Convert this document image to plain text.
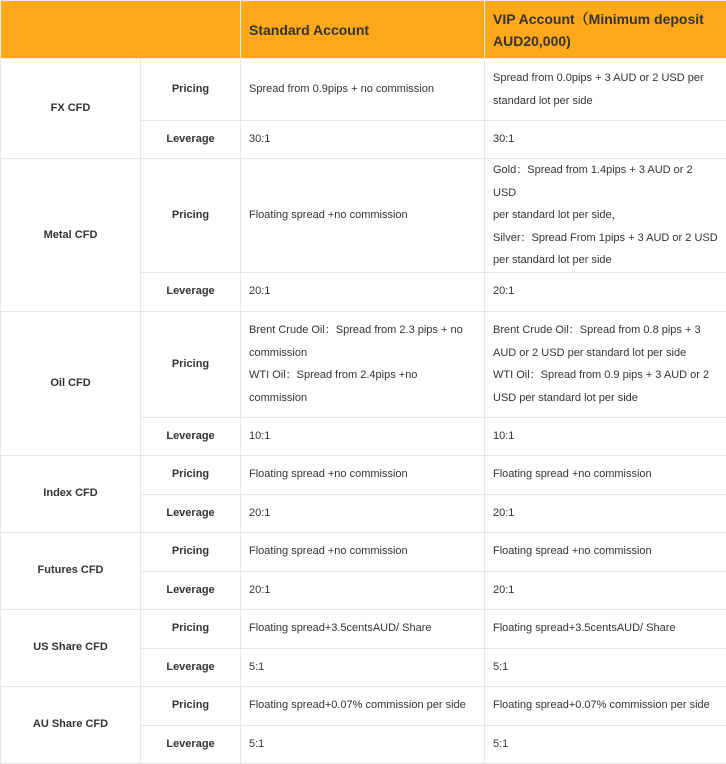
		Standard Account	VIP Account（Minimum deposit AUD20,000)
FX CFD	Pricing	Spread from 0.9pips + no commission	Spread from 0.0pips + 3 AUD or 2 USD per
standard lot per side

	Leverage	30:1	30:1
Metal CFD	Pricing	Floating spread +no commission	Gold：Spread from 1.4pips + 3 AUD or 2 USD
per standard lot per side，
Silver：Spread From 1pips + 3 AUD or 2 USD
per standard lot per side

	Leverage	20:1	20:1
Oil CFD	Pricing	Brent Crude Oil：Spread from 2.3 pips + no
commission
WTI Oil：Spread from 2.4pips +no
commission	Brent Crude Oil：Spread from 0.8 pips + 3
AUD or 2 USD per standard lot per side
WTI Oil：Spread from 0.9 pips + 3 AUD or 2
USD per standard lot per side

	Leverage	10:1	10:1
Index CFD	Pricing	Floating spread +no commission	Floating spread +no commission
	Leverage	20:1	20:1
Futures CFD	Pricing	Floating spread +no commission	Floating spread +no commission
	Leverage	20:1	20:1
US Share CFD	Pricing	Floating spread+3.5centsAUD/ Share	Floating spread+3.5centsAUD/ Share
	Leverage	5:1	5:1
AU Share CFD	Pricing	Floating spread+0.07% commission per side	Floating spread+0.07% commission per side
	Leverage	5:1	5:1
